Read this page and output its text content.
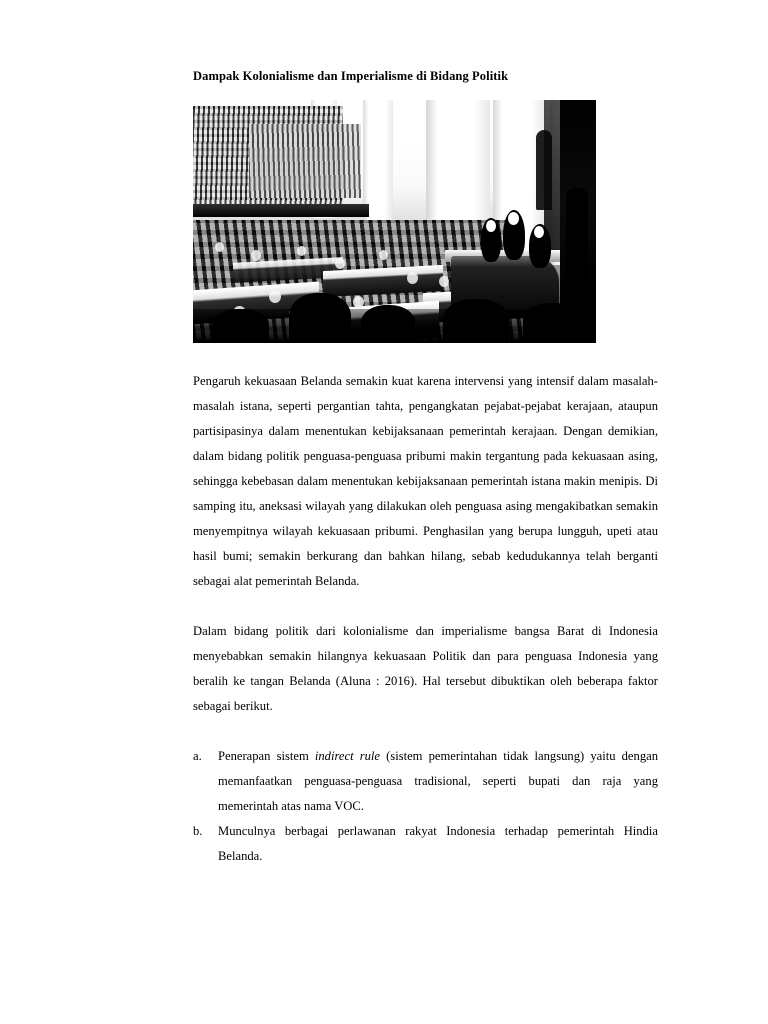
Dampak Kolonialisme dan Imperialisme di Bidang Politik

Pengaruh kekuasaan Belanda semakin kuat karena intervensi yang intensif dalam masalah-masalah istana, seperti pergantian tahta, pengangkatan pejabat-pejabat kerajaan, ataupun partisipasinya dalam menentukan kebijaksanaan pemerintah kerajaan. Dengan demikian, dalam bidang politik penguasa-penguasa pribumi makin tergantung pada kekuasaan asing, sehingga kebebasan dalam menentukan kebijaksanaan pemerintah istana makin menipis. Di samping itu, aneksasi wilayah yang dilakukan oleh penguasa asing mengakibatkan semakin menyempitnya wilayah kekuasaan pribumi. Penghasilan yang berupa lungguh, upeti atau hasil bumi; semakin berkurang dan bahkan hilang, sebab kedudukannya telah berganti sebagai alat pemerintah Belanda.

Dalam bidang politik dari kolonialisme dan imperialisme bangsa Barat di Indonesia menyebabkan semakin hilangnya kekuasaan Politik dan para penguasa Indonesia yang beralih ke tangan Belanda (Aluna : 2016). Hal tersebut dibuktikan oleh beberapa faktor sebagai berikut.

a.	Penerapan sistem indirect rule (sistem pemerintahan tidak langsung) yaitu dengan memanfaatkan penguasa-penguasa tradisional, seperti bupati dan raja yang memerintah atas nama VOC.
b.	Munculnya berbagai perlawanan rakyat Indonesia terhadap pemerintah Hindia Belanda.
